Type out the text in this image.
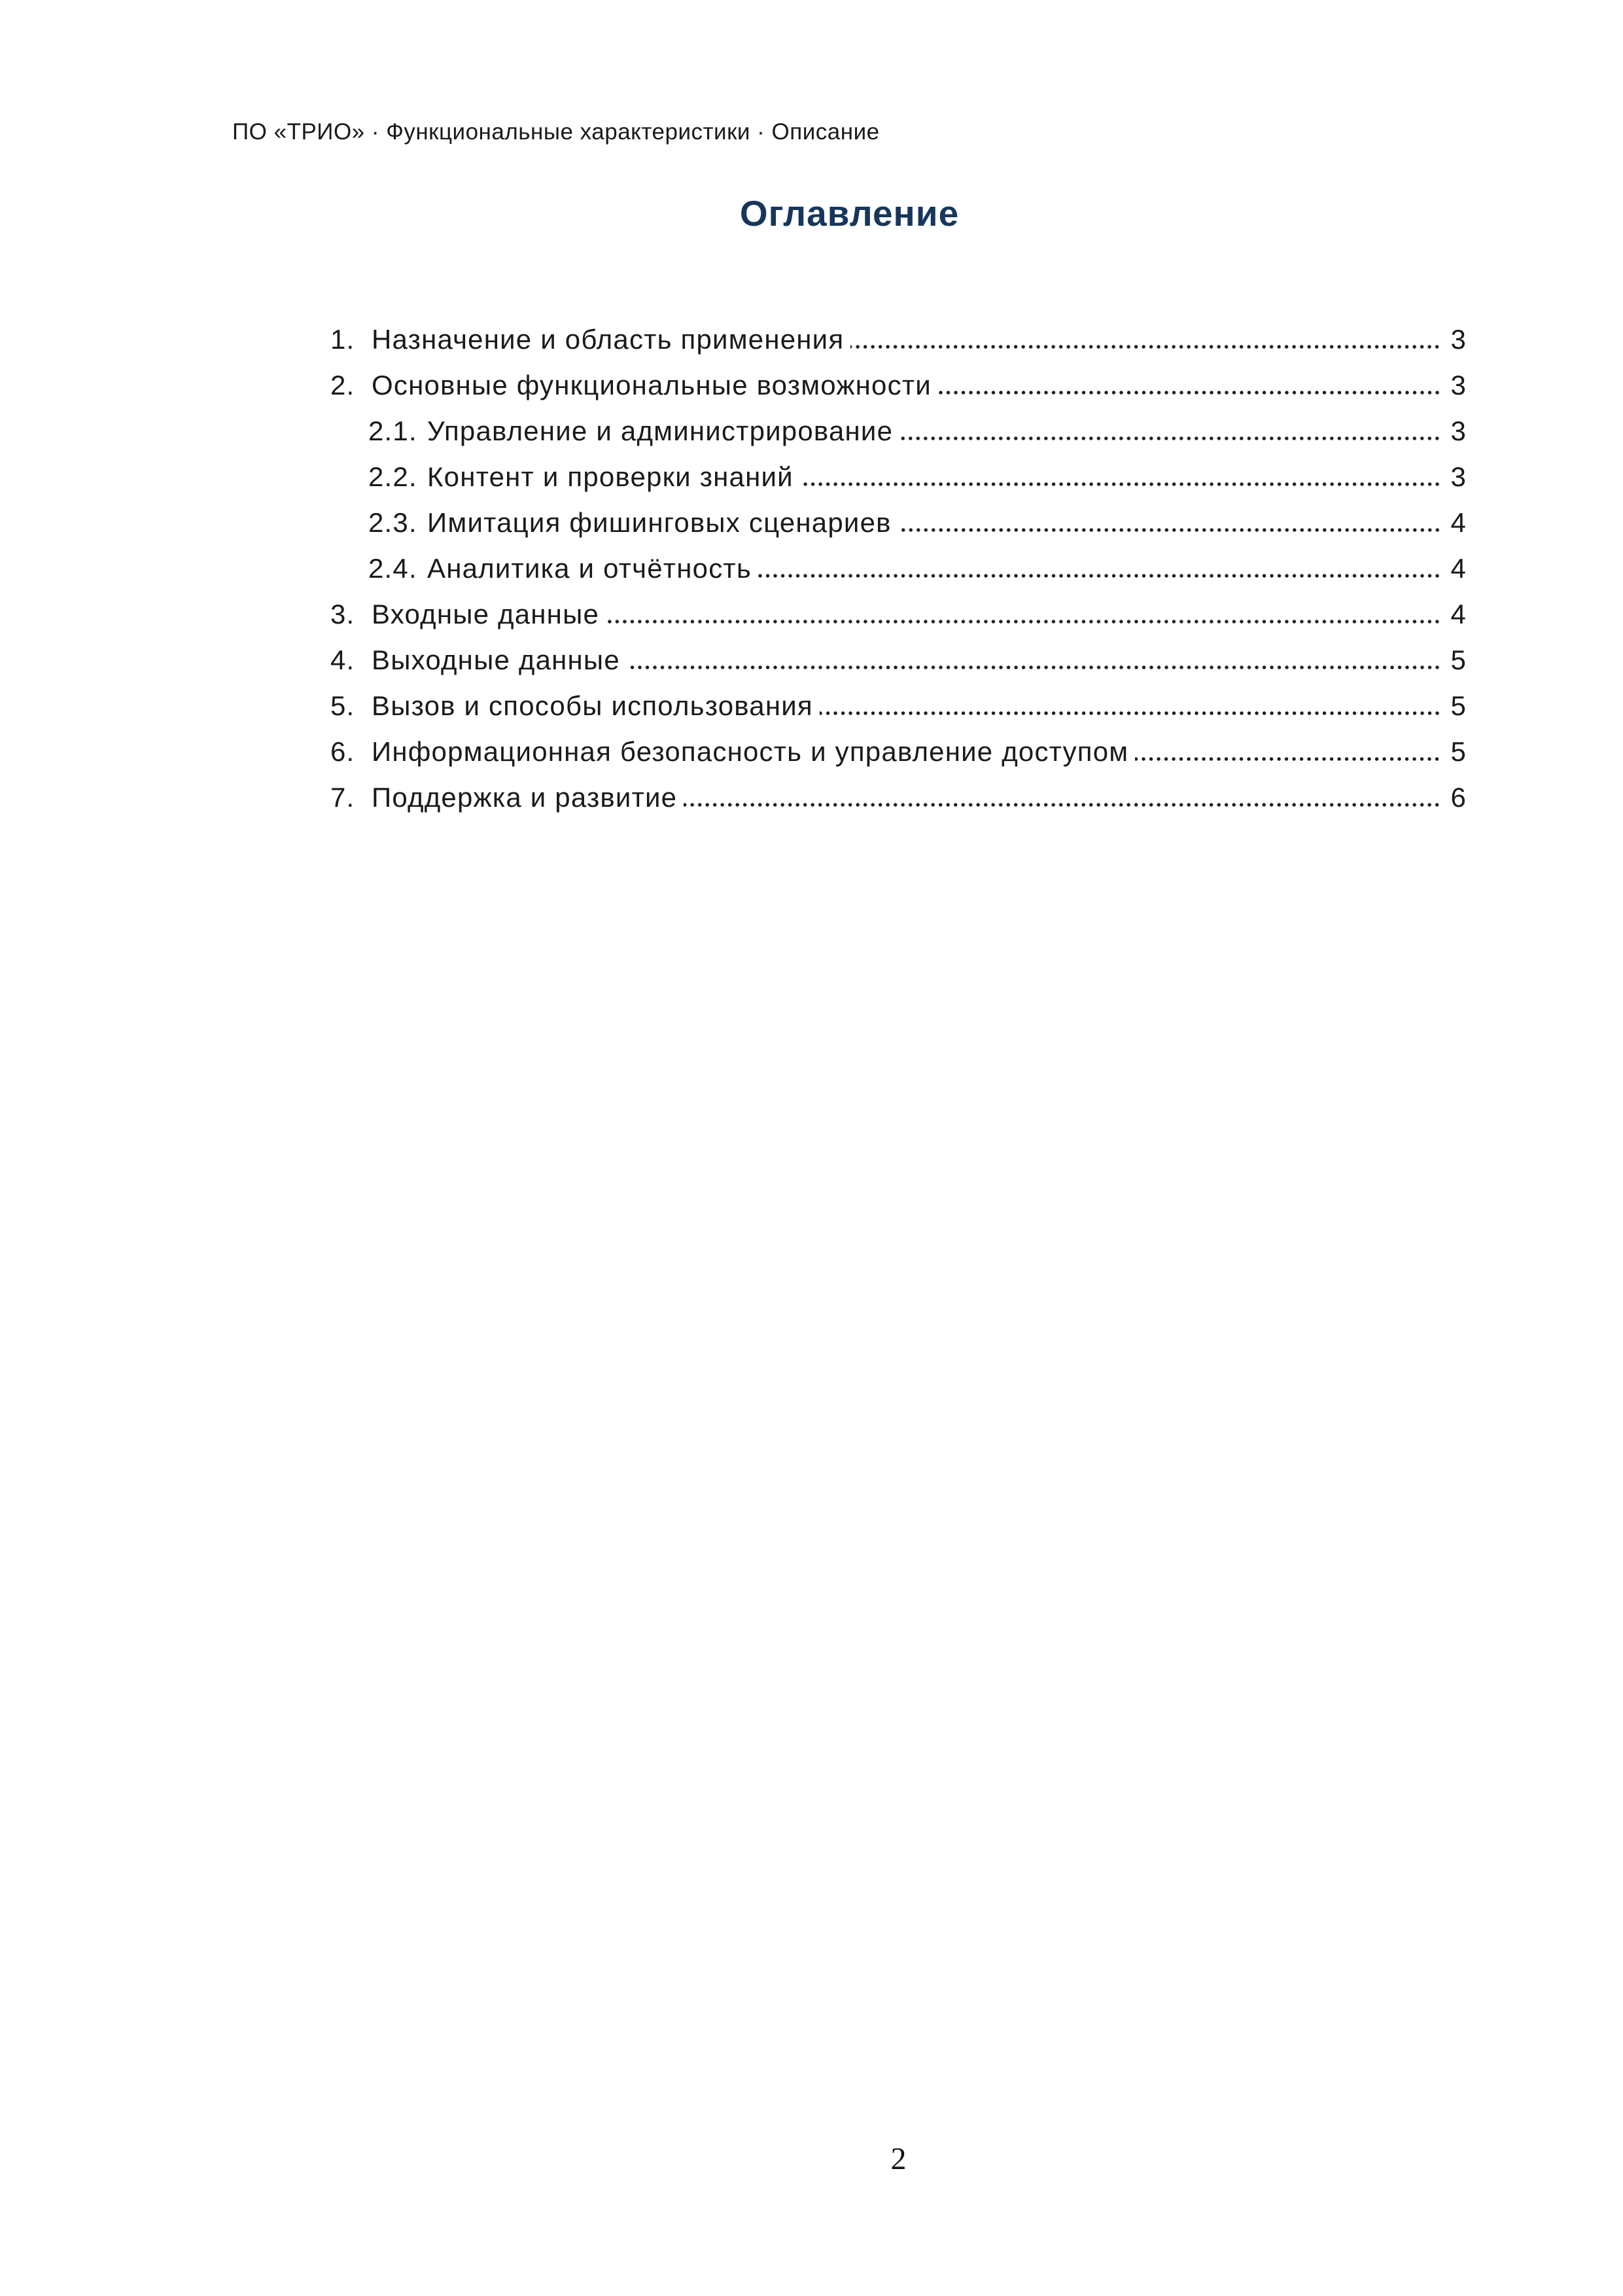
ПО «ТРИО» · Функциональные характеристики · Описание
Оглавление
1. Назначение и область применения	3
2. Основные функциональные возможности	3
2.1. Управление и администрирование	3
2.2. Контент и проверки знаний	3
2.3. Имитация фишинговых сценариев	4
2.4. Аналитика и отчётность	4
3. Входные данные	4
4. Выходные данные	5
5. Вызов и способы использования	5
6. Информационная безопасность и управление доступом	5
7. Поддержка и развитие	6
2
